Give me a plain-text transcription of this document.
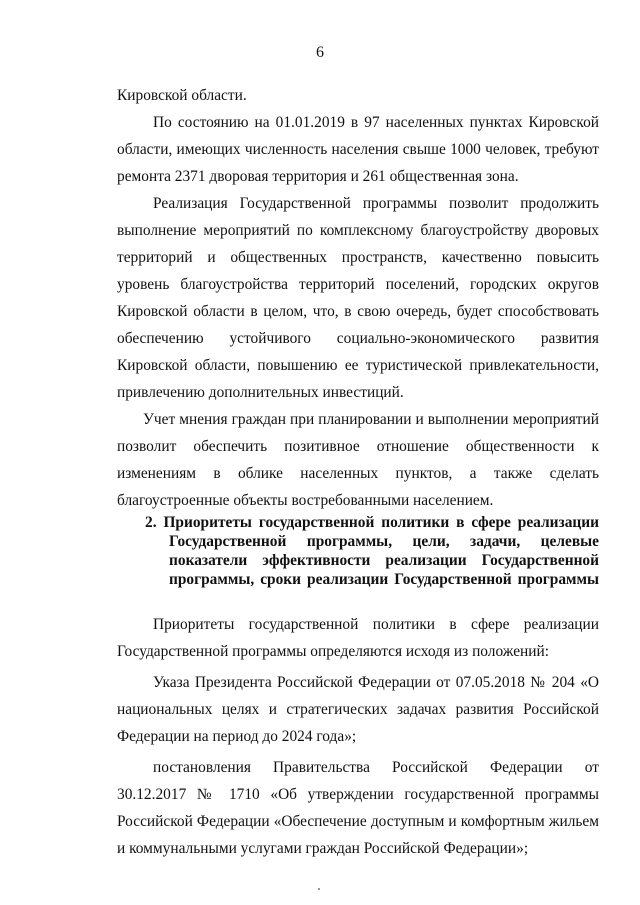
6

Кировской области.

По состоянию на 01.01.2019 в 97 населенных пунктах Кировской области, имеющих численность населения свыше 1000 человек, требуют ремонта 2371 дворовая территория и 261 общественная зона.

Реализация Государственной программы позволит продолжить выполнение мероприятий по комплексному благоустройству дворовых территорий и общественных пространств, качественно повысить уровень благоустройства территорий поселений, городских округов Кировской области в целом, что, в свою очередь, будет способствовать обеспечению устойчивого социально-экономического развития Кировской области, повышению ее туристической привлекательности, привлечению дополнительных инвестиций.

Учет мнения граждан при планировании и выполнении мероприятий позволит обеспечить позитивное отношение общественности к изменениям в облике населенных пунктов, а также сделать благоустроенные объекты востребованными населением.

2. Приоритеты государственной политики в сфере реализации
Государственной программы, цели, задачи, целевые
показатели эффективности реализации Государственной
программы, сроки реализации Государственной программы

Приоритеты государственной политики в сфере реализации Государственной программы определяются исходя из положений:

Указа Президента Российской Федерации от 07.05.2018 № 204 «О национальных целях и стратегических задачах развития Российской Федерации на период до 2024 года»;

постановления Правительства Российской Федерации от 30.12.2017 № 1710 «Об утверждении государственной программы Российской Федерации «Обеспечение доступным и комфортным жильем и коммунальными услугами граждан Российской Федерации»;
